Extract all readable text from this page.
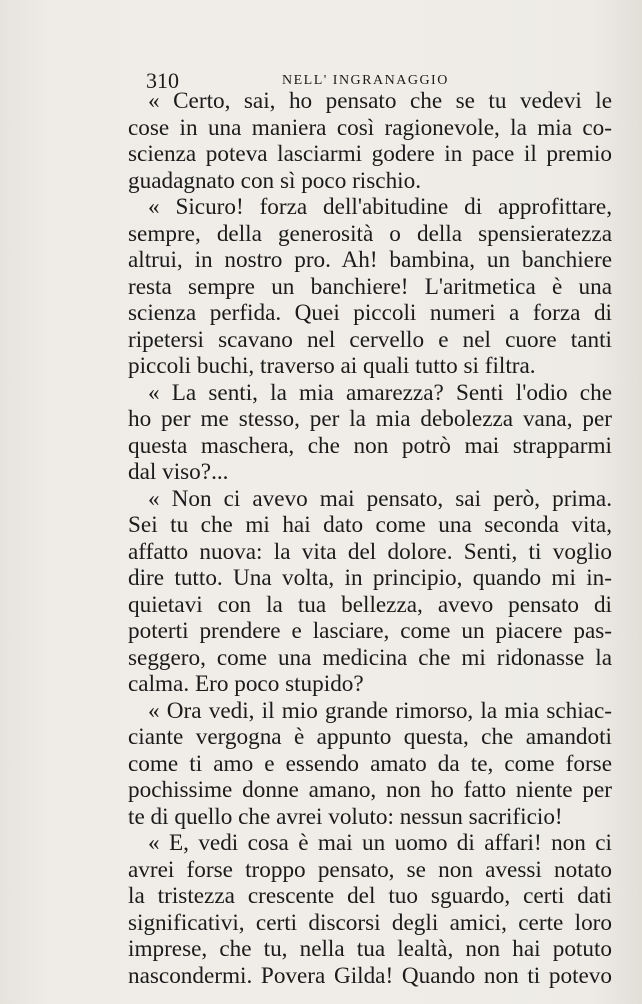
310	NELL' INGRANAGGIO
« Certo, sai, ho pensato che se tu vedevi le
cose in una maniera così ragionevole, la mia co-
scienza poteva lasciarmi godere in pace il premio
guadagnato con sì poco rischio.
« Sicuro! forza dell'abitudine di approfittare,
sempre, della generosità o della spensieratezza
altrui, in nostro pro. Ah! bambina, un banchiere
resta sempre un banchiere! L'aritmetica è una
scienza perfida. Quei piccoli numeri a forza di
ripetersi scavano nel cervello e nel cuore tanti
piccoli buchi, traverso ai quali tutto si filtra.
« La senti, la mia amarezza? Senti l'odio che
ho per me stesso, per la mia debolezza vana, per
questa maschera, che non potrò mai strapparmi
dal viso?...
« Non ci avevo mai pensato, sai però, prima.
Sei tu che mi hai dato come una seconda vita,
affatto nuova: la vita del dolore. Senti, ti voglio
dire tutto. Una volta, in principio, quando mi in-
quietavi con la tua bellezza, avevo pensato di
poterti prendere e lasciare, come un piacere pas-
seggero, come una medicina che mi ridonasse la
calma. Ero poco stupido?
« Ora vedi, il mio grande rimorso, la mia schiac-
ciante vergogna è appunto questa, che amandoti
come ti amo e essendo amato da te, come forse
pochissime donne amano, non ho fatto niente per
te di quello che avrei voluto: nessun sacrificio!
« E, vedi cosa è mai un uomo di affari! non ci
avrei forse troppo pensato, se non avessi notato
la tristezza crescente del tuo sguardo, certi dati
significativi, certi discorsi degli amici, certe loro
imprese, che tu, nella tua lealtà, non hai potuto
nascondermi. Povera Gilda! Quando non ti potevo
